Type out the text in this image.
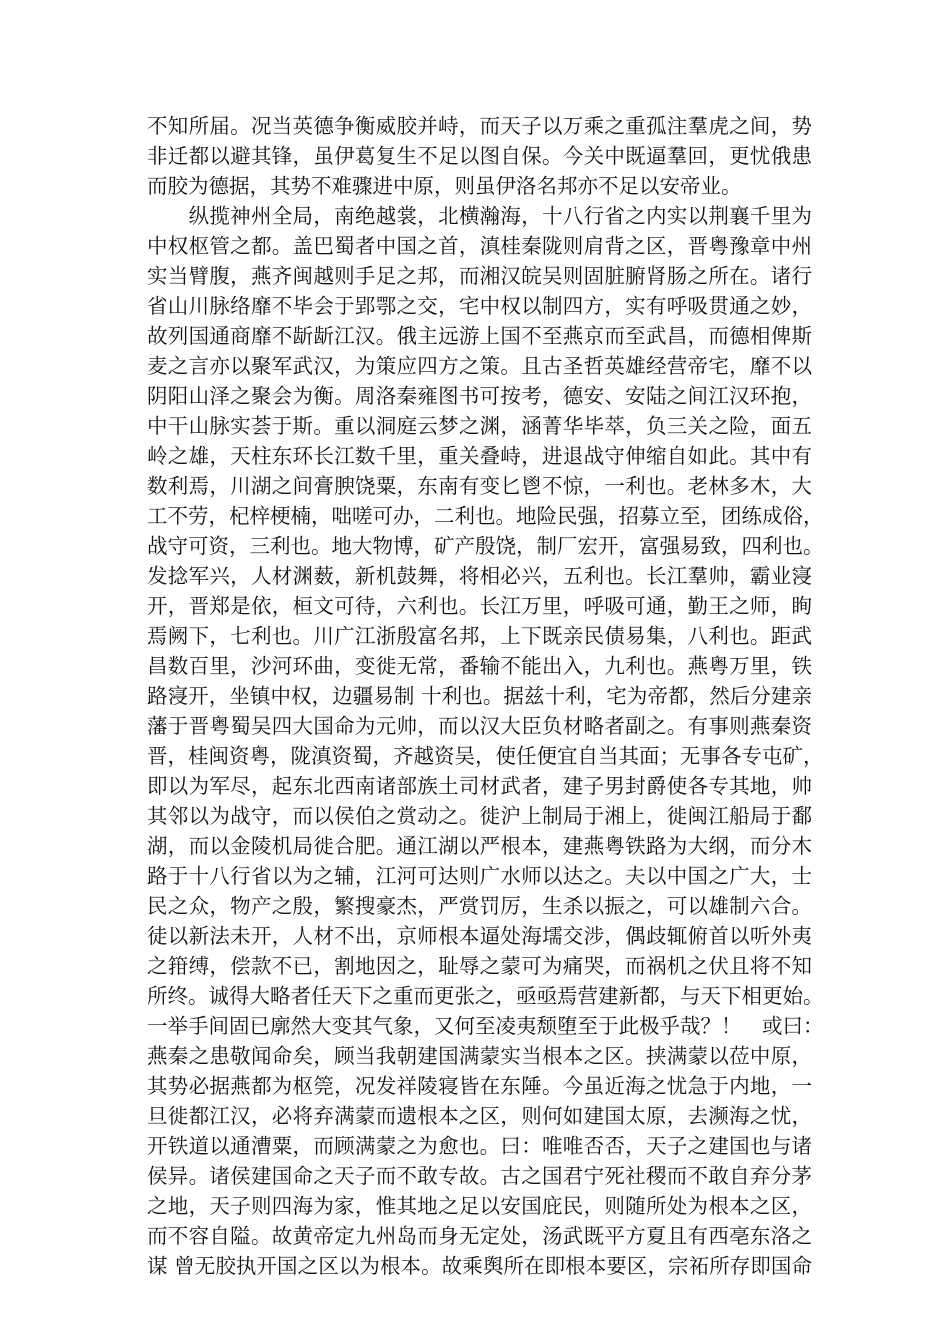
不知所届。况当英德争衡威胶并峙，而天子以万乘之重孤注羣虎之间，势
非迁都以避其锋，虽伊葛复生不足以图自保。今关中既逼羣回，更忧俄患
而胶为德据，其势不难骤进中原，则虽伊洛名邦亦不足以安帝业。
　　纵揽神州全局，南绝越裳，北横瀚海，十八行省之内实以荆襄千里为
中权枢管之都。盖巴蜀者中国之首，滇桂秦陇则肩背之区，晋粤豫章中州
实当臂腹，燕齐闽越则手足之邦，而湘汉皖吴则固脏腑肾肠之所在。诸行
省山川脉络靡不毕会于郢鄂之交，宅中权以制四方，实有呼吸贯通之妙，
故列国通商靡不龂龂江汉。俄主远游上国不至燕京而至武昌，而德相俾斯
麦之言亦以聚军武汉，为策应四方之策。且古圣哲英雄经营帝宅，靡不以
阴阳山泽之聚会为衡。周洛秦雍图书可按考，德安、安陆之间江汉环抱，
中干山脉实荟于斯。重以洞庭云梦之渊，涵菁华毕萃，负三关之险，面五
岭之雄，天柱东环长江数千里，重关叠峙，进退战守伸缩自如此。其中有
数利焉，川湖之间膏腴饶粟，东南有变匕鬯不惊，一利也。老林多木，大
工不劳，杞梓梗楠，咄嗟可办，二利也。地险民强，招募立至，团练成俗，
战守可资，三利也。地大物博，矿产殷饶，制厂宏开，富强易致，四利也。
发捻军兴，人材渊薮，新机鼓舞，将相必兴，五利也。长江羣帅，霸业寖
开，晋郑是依，桓文可待，六利也。长江万里，呼吸可通，勤王之师，眴
焉阙下，七利也。川广江浙殷富名邦，上下既亲民债易集，八利也。距武
昌数百里，沙河环曲，变徙无常，番输不能出入，九利也。燕粤万里，铁
路寖开，坐镇中权，边疆易制 十利也。据兹十利，宅为帝都，然后分建亲
藩于晋粤蜀吴四大国命为元帅，而以汉大臣负材略者副之。有事则燕秦资
晋，桂闽资粤，陇滇资蜀，齐越资吴，使任便宜自当其面；无事各专屯矿，
即以为军尽，起东北西南诸部族土司材武者，建子男封爵使各专其地，帅
其邻以为战守，而以侯伯之赏动之。徙沪上制局于湘上，徙闽江船局于鄱
湖，而以金陵机局徙合肥。通江湖以严根本，建燕粤铁路为大纲，而分木
路于十八行省以为之辅，江河可达则广水师以达之。夫以中国之广大，士
民之众，物产之殷，繁搜豪杰，严赏罚厉，生杀以振之，可以雄制六合。
徒以新法未开，人材不出，京师根本逼处海壖交涉，偶歧辄俯首以听外夷
之箝缚，偿款不已，割地因之，耻辱之蒙可为痛哭，而祸机之伏且将不知
所终。诚得大略者任天下之重而更张之，亟亟焉营建新都，与天下相更始。
一举手间固已廓然大变其气象，又何至凌夷颓堕至于此极乎哉？！　或曰：
燕秦之患敬闻命矣，顾当我朝建国满蒙实当根本之区。挟满蒙以莅中原，
其势必据燕都为枢筦，况发祥陵寝皆在东陲。今虽近海之忧急于内地，一
旦徙都江汉，必将弃满蒙而遗根本之区，则何如建国太原，去濒海之忧，
开铁道以通漕粟，而顾满蒙之为愈也。曰：唯唯否否，天子之建国也与诸
侯异。诸侯建国命之天子而不敢专故。古之国君宁死社稷而不敢自弃分茅
之地，天子则四海为家，惟其地之足以安国庇民，则随所处为根本之区，
而不容自隘。故黄帝定九州岛而身无定处，汤武既平方夏且有西亳东洛之
谋 曾无胶执开国之区以为根本。故乘舆所在即根本要区，宗祏所存即国命
